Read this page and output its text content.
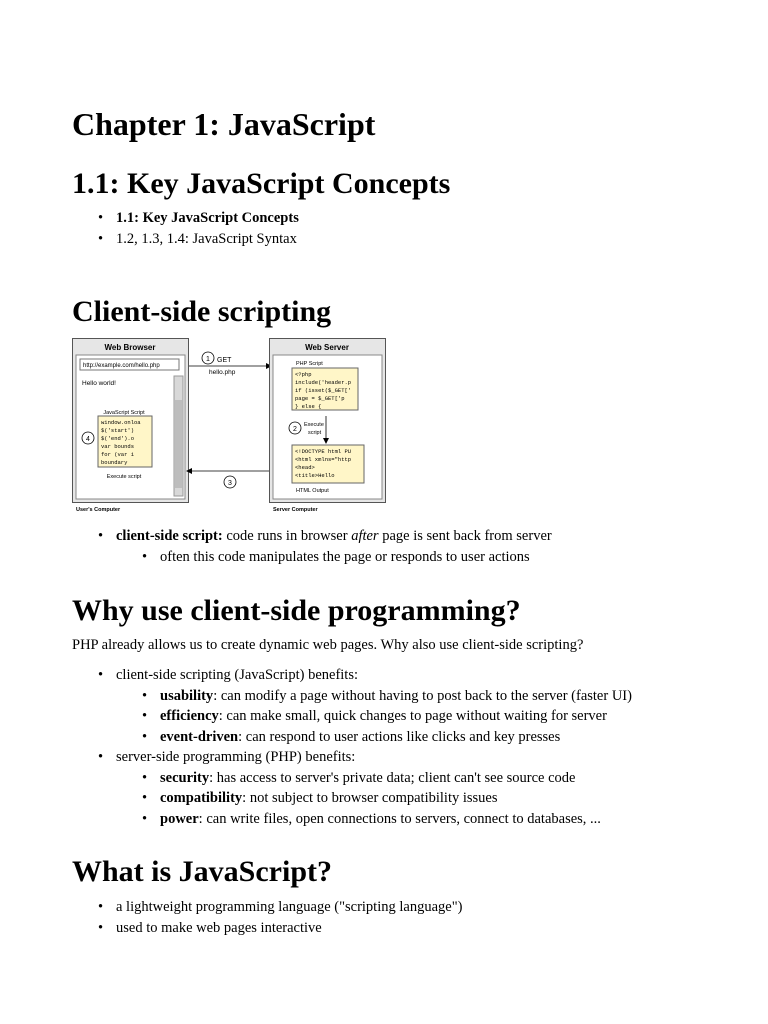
Chapter 1: JavaScript
1.1: Key JavaScript Concepts
• 1.1: Key JavaScript Concepts
• 1.2, 1.3, 1.4: JavaScript Syntax
Client-side scripting
Web Browser
http://example.com/hello.php
Hello world!
JavaScript Script
window.onloa
$('start')
$('end').o
var bounds
for (var i
boundary
4
Execute script
User's Computer
1 GET
hello.php
3
Web Server
PHP Script
<?php
include('header.p
if (isset($_GET['
page = $_GET['p
} else {
2
Execute
script
<!DOCTYPE html PU
<html xmlns="http
<head>
<title>Hello
HTML Output
Server Computer
• client-side script: code runs in browser after page is sent back from server
• often this code manipulates the page or responds to user actions
Why use client-side programming?
PHP already allows us to create dynamic web pages. Why also use client-side scripting?
• client-side scripting (JavaScript) benefits:
• usability: can modify a page without having to post back to the server (faster UI)
• efficiency: can make small, quick changes to page without waiting for server
• event-driven: can respond to user actions like clicks and key presses
• server-side programming (PHP) benefits:
• security: has access to server's private data; client can't see source code
• compatibility: not subject to browser compatibility issues
• power: can write files, open connections to servers, connect to databases, ...
What is JavaScript?
• a lightweight programming language ("scripting language")
• used to make web pages interactive
